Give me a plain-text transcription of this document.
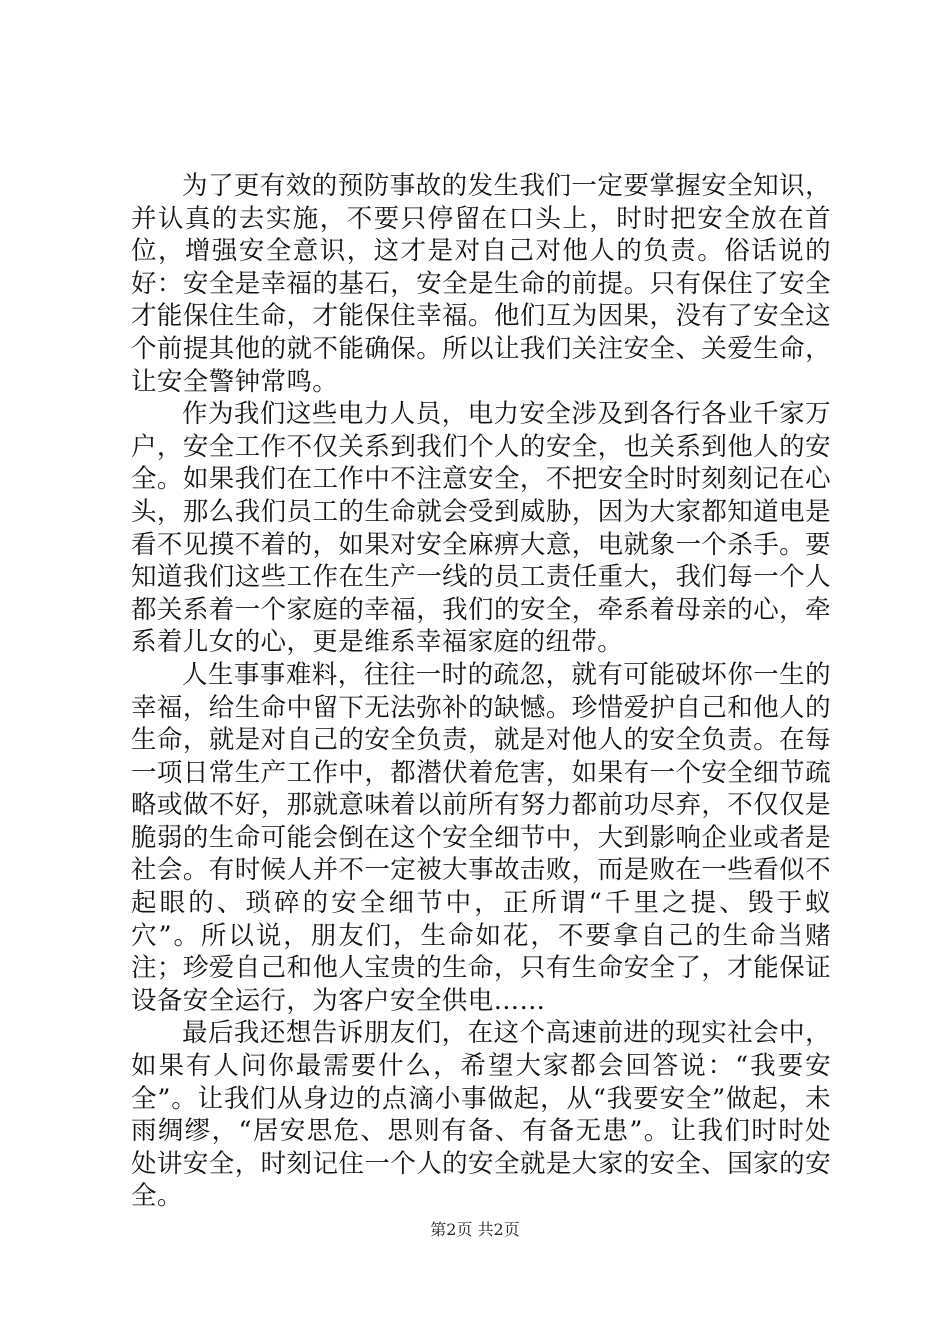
为了更有效的预防事故的发生我们一定要掌握安全知识，并认真的去实施，不要只停留在口头上，时时把安全放在首位，增强安全意识，这才是对自己对他人的负责。俗话说的好：安全是幸福的基石，安全是生命的前提。只有保住了安全才能保住生命，才能保住幸福。他们互为因果，没有了安全这个前提其他的就不能确保。所以让我们关注安全、关爱生命，让安全警钟常鸣。

作为我们这些电力人员，电力安全涉及到各行各业千家万户，安全工作不仅关系到我们个人的安全，也关系到他人的安全。如果我们在工作中不注意安全，不把安全时时刻刻记在心头，那么我们员工的生命就会受到威胁，因为大家都知道电是看不见摸不着的，如果对安全麻痹大意，电就象一个杀手。要知道我们这些工作在生产一线的员工责任重大，我们每一个人都关系着一个家庭的幸福，我们的安全，牵系着母亲的心，牵系着儿女的心，更是维系幸福家庭的纽带。

人生事事难料，往往一时的疏忽，就有可能破坏你一生的幸福，给生命中留下无法弥补的缺憾。珍惜爱护自己和他人的生命，就是对自己的安全负责，就是对他人的安全负责。在每一项日常生产工作中，都潜伏着危害，如果有一个安全细节疏略或做不好，那就意味着以前所有努力都前功尽弃，不仅仅是脆弱的生命可能会倒在这个安全细节中，大到影响企业或者是社会。有时候人并不一定被大事故击败，而是败在一些看似不起眼的、琐碎的安全细节中，正所谓“千里之提、毁于蚁穴”。所以说，朋友们，生命如花，不要拿自己的生命当赌注；珍爱自己和他人宝贵的生命，只有生命安全了，才能保证设备安全运行，为客户安全供电……

最后我还想告诉朋友们，在这个高速前进的现实社会中，如果有人问你最需要什么，希望大家都会回答说：“我要安全”。让我们从身边的点滴小事做起，从“我要安全”做起，未雨绸缪，“居安思危、思则有备、有备无患”。让我们时时处处讲安全，时刻记住一个人的安全就是大家的安全、国家的安全。

第2页 共2页
